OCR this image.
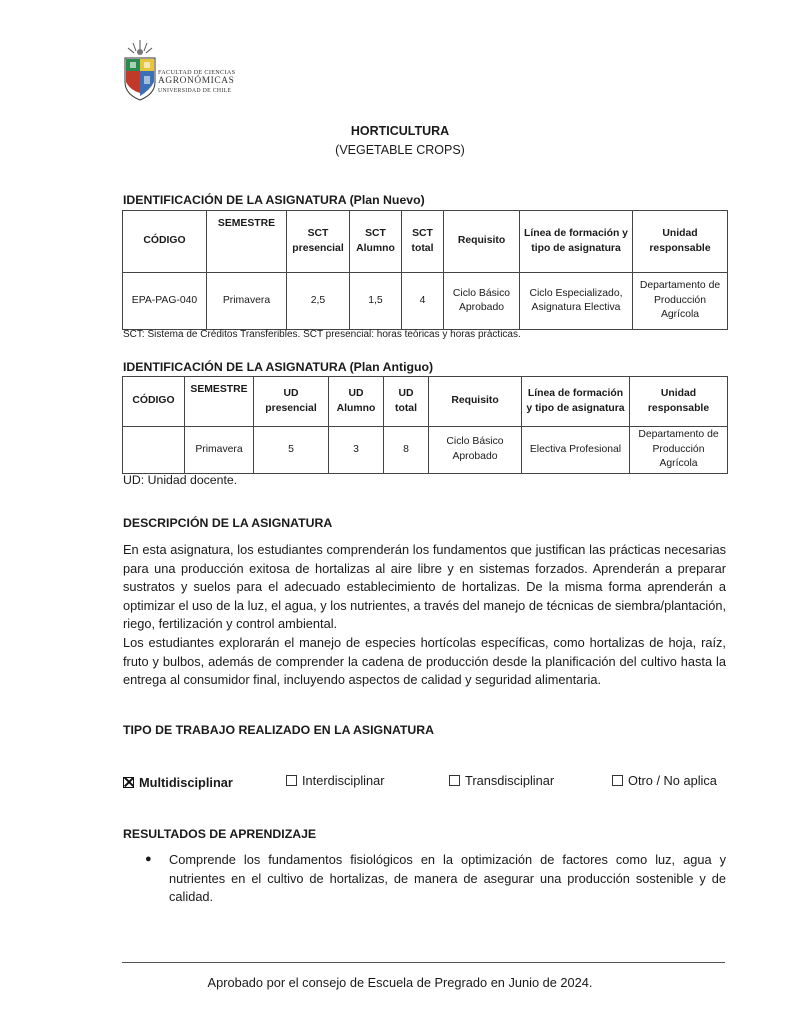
FACULTAD DE CIENCIAS
AGRONÓMICAS
UNIVERSIDAD DE CHILE
HORTICULTURA
(VEGETABLE CROPS)
IDENTIFICACIÓN DE LA ASIGNATURA (Plan Nuevo)
CÓDIGO	SEMESTRE	SCT presencial	SCT Alumno	SCT total	Requisito	Línea de formación y tipo de asignatura	Unidad responsable
EPA-PAG-040	Primavera	2,5	1,5	4	Ciclo Básico Aprobado	Ciclo Especializado, Asignatura Electiva	Departamento de Producción Agrícola
SCT: Sistema de Créditos Transferibles. SCT presencial: horas teóricas y horas prácticas.
IDENTIFICACIÓN DE LA ASIGNATURA (Plan Antiguo)
CÓDIGO	SEMESTRE	UD presencial	UD Alumno	UD total	Requisito	Línea de formación y tipo de asignatura	Unidad responsable
	Primavera	5	3	8	Ciclo Básico Aprobado	Electiva Profesional	Departamento de Producción Agrícola
UD: Unidad docente.
DESCRIPCIÓN DE LA ASIGNATURA
En esta asignatura, los estudiantes comprenderán los fundamentos que justifican las prácticas necesarias para una producción exitosa de hortalizas al aire libre y en sistemas forzados. Aprenderán a preparar sustratos y suelos para el adecuado establecimiento de hortalizas. De la misma forma aprenderán a optimizar el uso de la luz, el agua, y los nutrientes, a través del manejo de técnicas de siembra/plantación, riego, fertilización y control ambiental.
Los estudiantes explorarán el manejo de especies hortícolas específicas, como hortalizas de hoja, raíz, fruto y bulbos, además de comprender la cadena de producción desde la planificación del cultivo hasta la entrega al consumidor final, incluyendo aspectos de calidad y seguridad alimentaria.
TIPO DE TRABAJO REALIZADO EN LA ASIGNATURA
Multidisciplinar	Interdisciplinar	Transdisciplinar	Otro / No aplica
RESULTADOS DE APRENDIZAJE
● Comprende los fundamentos fisiológicos en la optimización de factores como luz, agua y nutrientes en el cultivo de hortalizas, de manera de asegurar una producción sostenible y de calidad.
Aprobado por el consejo de Escuela de Pregrado en Junio de 2024.
